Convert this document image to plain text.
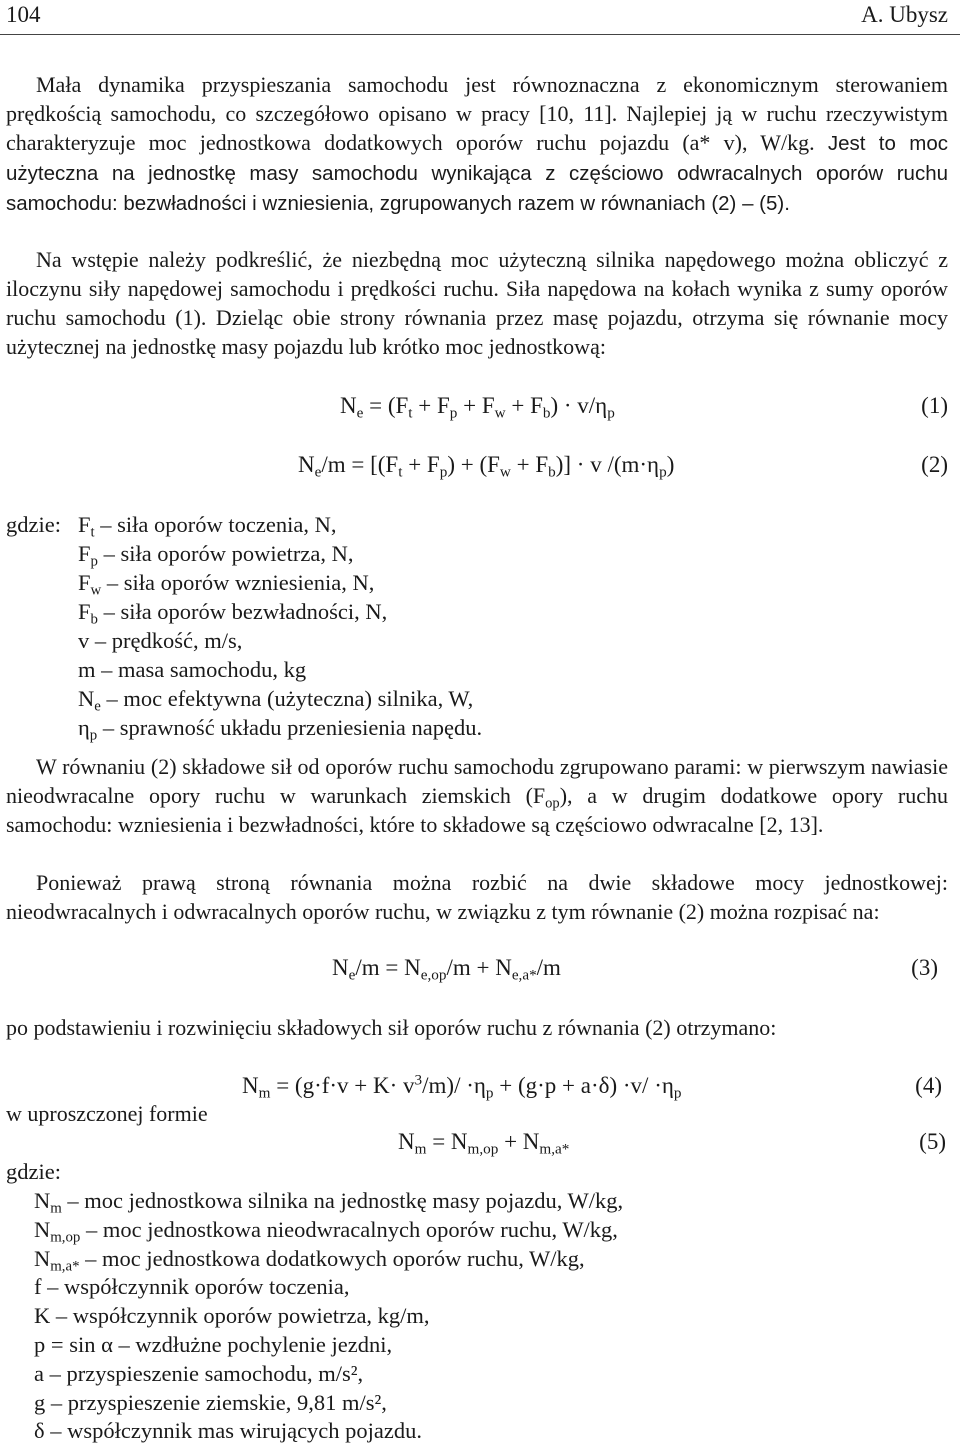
104	A. Ubysz

Mała dynamika przyspieszania samochodu jest równoznaczna z ekonomicznym sterowaniem prędkością samochodu, co szczegółowo opisano w pracy [10, 11]. Najlepiej ją w ruchu rzeczywistym charakteryzuje moc jednostkowa dodatkowych oporów ruchu pojazdu (a* v), W/kg. Jest to moc użyteczna na jednostkę masy samochodu wynikająca z częściowo odwracalnych oporów ruchu samochodu: bezwładności i wzniesienia, zgrupowanych razem w równaniach (2) – (5).

Na wstępie należy podkreślić, że niezbędną moc użyteczną silnika napędowego można obliczyć z iloczynu siły napędowej samochodu i prędkości ruchu. Siła napędowa na kołach wynika z sumy oporów ruchu samochodu (1). Dzieląc obie strony równania przez masę pojazdu, otrzyma się równanie mocy użytecznej na jednostkę masy pojazdu lub krótko moc jednostkową:

$N_e = (F_t + F_p + F_w + F_b) \cdot v/\eta_p$	(1)
$N_e/m = [(F_t + F_p) + (F_w + F_b)] \cdot v$ $/(m\cdot\eta_p)$	(2)
gdzie: $F_t$ – siła oporów toczenia, N,
$F_p$ – siła oporów powietrza, N,
$F_w$ – siła oporów wzniesienia, N,
$F_b$ – siła oporów bezwładności, N,
v – prędkość, m/s,
m – masa samochodu, kg
$N_e$ – moc efektywna (użyteczna) silnika, W,
$\eta_p$ – sprawność układu przeniesienia napędu.

W równaniu (2) składowe sił od oporów ruchu samochodu zgrupowano parami: w pierwszym nawiasie nieodwracalne opory ruchu w warunkach ziemskich $(F_{op})$, a w drugim dodatkowe opory ruchu samochodu: wzniesienia i bezwładności, które to składowe są częściowo odwracalne [2, 13].

Ponieważ prawą stroną równania można rozbić na dwie składowe mocy jednostkowej: nieodwracalnych i odwracalnych oporów ruchu, w związku z tym równanie (2) można rozpisać na:

$N_e/m = N_{e,op}/m + N_{e,a*}/m$	(3)

po podstawieniu i rozwinięciu składowych sił oporów ruchu z równania (2) otrzymano:

$N_m = (g\cdot f\cdot v + K\cdot v^3/m)/ \cdot\eta_p + (g\cdot p + a\cdot\delta) \cdot v/ \cdot\eta_p$	(4)

w uproszczonej formie

$N_m = N_{m,op} + N_{m,a*}$	(5)
gdzie:
$N_m$ – moc jednostkowa silnika na jednostkę masy pojazdu, W/kg,
$N_{m,op}$ – moc jednostkowa nieodwracalnych oporów ruchu, W/kg,
$N_{m,a*}$ – moc jednostkowa dodatkowych oporów ruchu, W/kg,
f – współczynnik oporów toczenia,
K – współczynnik oporów powietrza, kg/m,
p = sin α – wzdłużne pochylenie jezdni,
a – przyspieszenie samochodu, m/s²,
g – przyspieszenie ziemskie, 9,81 m/s²,
δ – współczynnik mas wirujących pojazdu.
